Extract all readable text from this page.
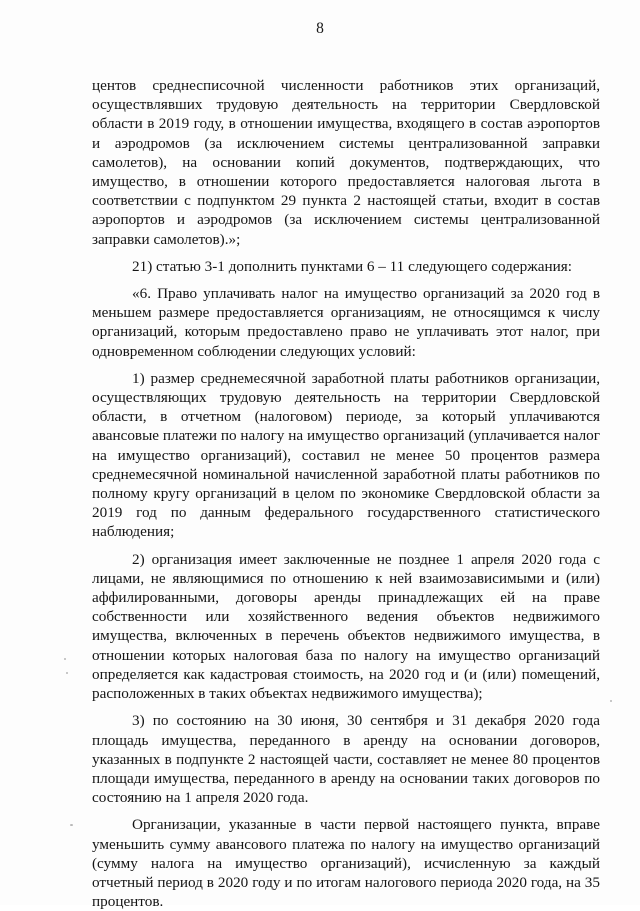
8

центов среднесписочной численности работников этих организаций, осуществлявших трудовую деятельность на территории Свердловской области в 2019 году, в отношении имущества, входящего в состав аэропортов и аэродромов (за исключением системы централизованной заправки самолетов), на основании копий документов, подтверждающих, что имущество, в отношении которого предоставляется налоговая льгота в соответствии с подпунктом 29 пункта 2 настоящей статьи, входит в состав аэропортов и аэродромов (за исключением системы централизованной заправки самолетов).»;

21) статью 3-1 дополнить пунктами 6 – 11 следующего содержания:

«6. Право уплачивать налог на имущество организаций за 2020 год в меньшем размере предоставляется организациям, не относящимся к числу организаций, которым предоставлено право не уплачивать этот налог, при одновременном соблюдении следующих условий:

1) размер среднемесячной заработной платы работников организации, осуществляющих трудовую деятельность на территории Свердловской области, в отчетном (налоговом) периоде, за который уплачиваются авансовые платежи по налогу на имущество организаций (уплачивается налог на имущество организаций), составил не менее 50 процентов размера среднемесячной номинальной начисленной заработной платы работников по полному кругу организаций в целом по экономике Свердловской области за 2019 год по данным федерального государственного статистического наблюдения;

2) организация имеет заключенные не позднее 1 апреля 2020 года с лицами, не являющимися по отношению к ней взаимозависимыми и (или) аффилированными, договоры аренды принадлежащих ей на праве собственности или хозяйственного ведения объектов недвижимого имущества, включенных в перечень объектов недвижимого имущества, в отношении которых налоговая база по налогу на имущество организаций определяется как кадастровая стоимость, на 2020 год и (и (или) помещений, расположенных в таких объектах недвижимого имущества);

3) по состоянию на 30 июня, 30 сентября и 31 декабря 2020 года площадь имущества, переданного в аренду на основании договоров, указанных в подпункте 2 настоящей части, составляет не менее 80 процентов площади имущества, переданного в аренду на основании таких договоров по состоянию на 1 апреля 2020 года.

Организации, указанные в части первой настоящего пункта, вправе уменьшить сумму авансового платежа по налогу на имущество организаций (сумму налога на имущество организаций), исчисленную за каждый отчетный период в 2020 году и по итогам налогового периода 2020 года, на 35 процентов.
